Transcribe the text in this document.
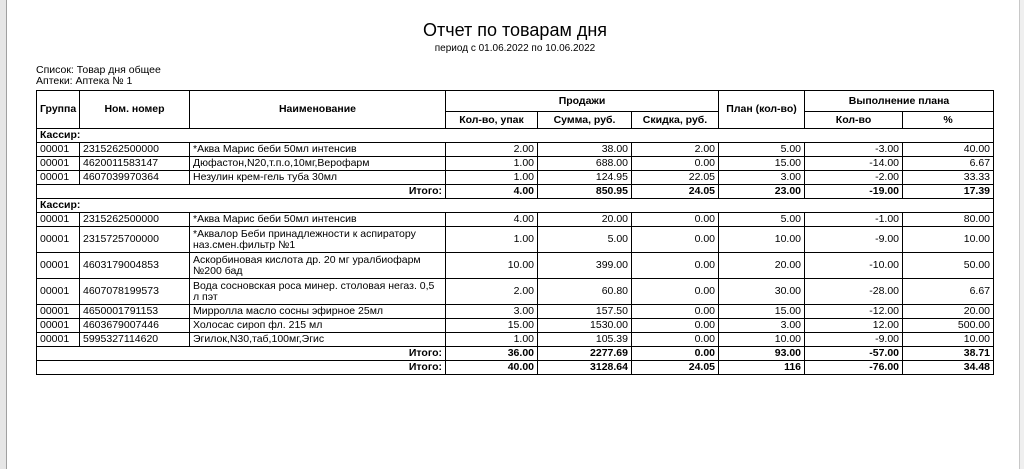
Отчет по товарам дня
период с 01.06.2022 по 10.06.2022
Список: Товар дня общее
Аптеки: Аптека № 1
Группа	Ном. номер	Наименование	Продажи			План (кол-во)	Выполнение плана	
			Кол-во, упак	Сумма, руб.	Скидка, руб.		Кол-во	%
Кассир:								
00001	2315262500000	*Аква Марис беби 50мл интенсив	2.00	38.00	2.00	5.00	-3.00	40.00
00001	4620011583147	Дюфастон,N20,т.п.о,10мг,Верофарм	1.00	688.00	0.00	15.00	-14.00	6.67
00001	4607039970364	Незулин крем-гель туба 30мл	1.00	124.95	22.05	3.00	-2.00	33.33
Итого:			4.00	850.95	24.05	23.00	-19.00	17.39
Кассир:								
00001	2315262500000	*Аква Марис беби 50мл интенсив	4.00	20.00	0.00	5.00	-1.00	80.00
00001	2315725700000	*Аквалор Беби принадлежности к аспиратору наз.смен.фильтр №1	1.00	5.00	0.00	10.00	-9.00	10.00
00001	4603179004853	Аскорбиновая кислота др. 20 мг уралбиофарм №200 бад	10.00	399.00	0.00	20.00	-10.00	50.00
00001	4607078199573	Вода сосновская роса минер. столовая негаз. 0,5 л пэт	2.00	60.80	0.00	30.00	-28.00	6.67
00001	4650001791153	Мирролла масло сосны эфирное 25мл	3.00	157.50	0.00	15.00	-12.00	20.00
00001	4603679007446	Холосас сироп фл. 215 мл	15.00	1530.00	0.00	3.00	12.00	500.00
00001	5995327114620	Эгилок,N30,таб,100мг,Эгис	1.00	105.39	0.00	10.00	-9.00	10.00
Итого:			36.00	2277.69	0.00	93.00	-57.00	38.71
Итого:			40.00	3128.64	24.05	116	-76.00	34.48
